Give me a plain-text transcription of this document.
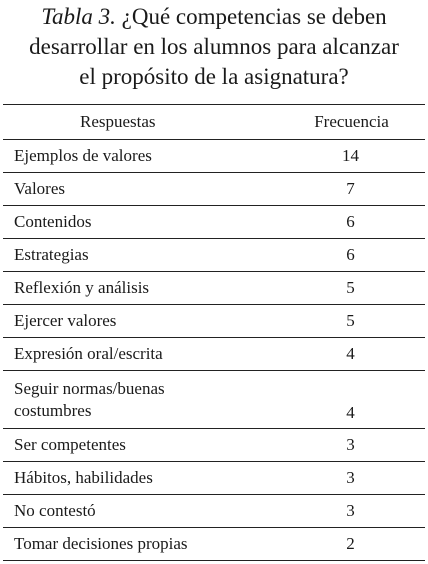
Tabla 3. ¿Qué competencias se deben
desarrollar en los alumnos para alcanzar
el propósito de la asignatura?
Respuestas	Frecuencia
Ejemplos de valores	14
Valores	7
Contenidos	6
Estrategias	6
Reflexión y análisis	5
Ejercer valores	5
Expresión oral/escrita	4

Seguir normas/buenas
costumbres	4
Ser competentes	3
Hábitos, habilidades	3
No contestó	3
Tomar decisiones propias	2
